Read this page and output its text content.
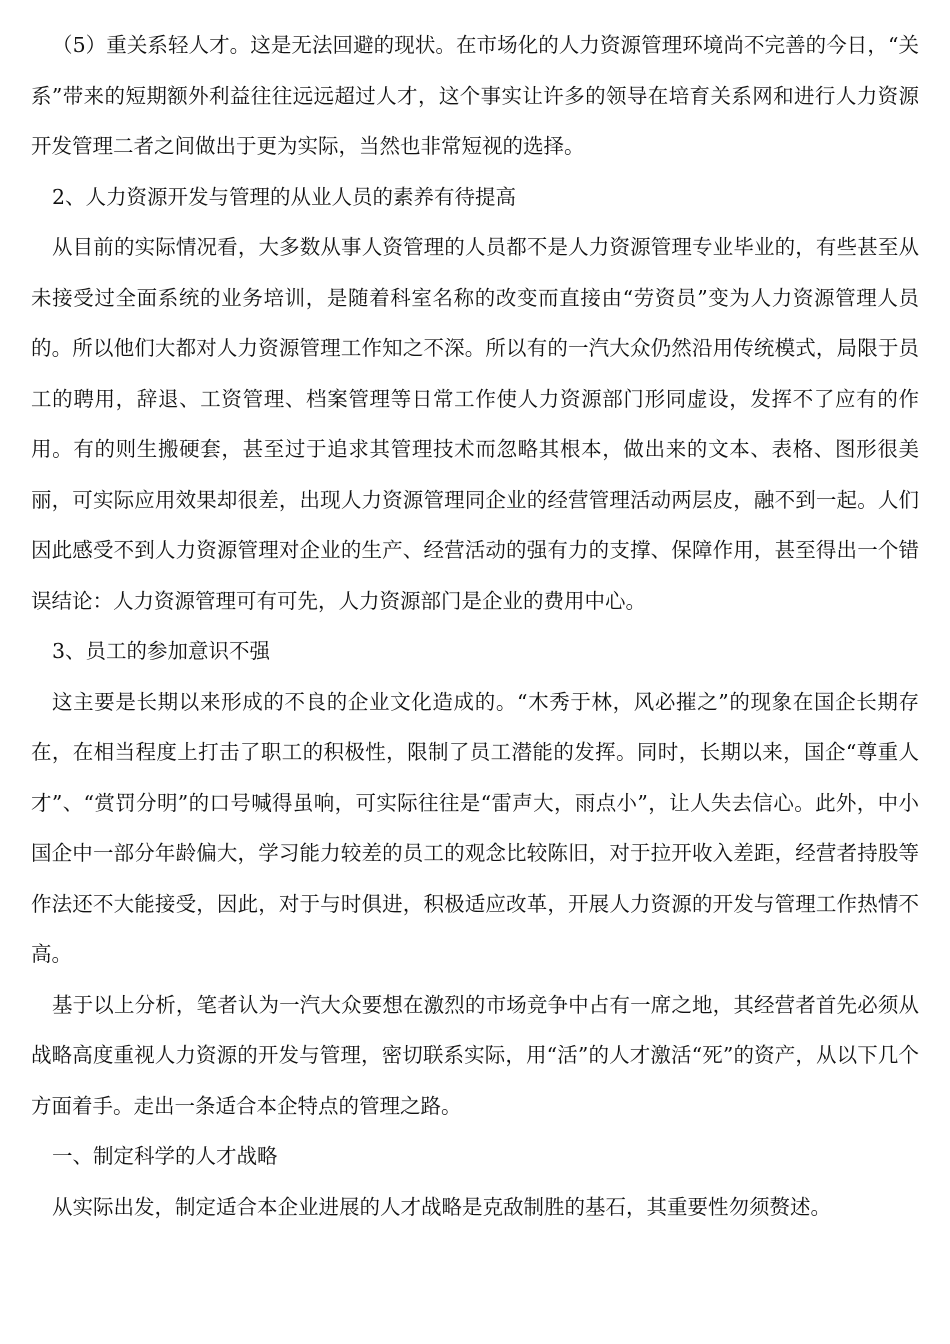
（5）重关系轻人才。这是无法回避的现状。在市场化的人力资源管理环境尚不完善的今日，“关系”带来的短期额外利益往往远远超过人才，这个事实让许多的领导在培育关系网和进行人力资源开发管理二者之间做出于更为实际，当然也非常短视的选择。

2、人力资源开发与管理的从业人员的素养有待提高

从目前的实际情况看，大多数从事人资管理的人员都不是人力资源管理专业毕业的，有些甚至从未接受过全面系统的业务培训，是随着科室名称的改变而直接由“劳资员”变为人力资源管理人员的。所以他们大都对人力资源管理工作知之不深。所以有的一汽大众仍然沿用传统模式，局限于员工的聘用，辞退、工资管理、档案管理等日常工作使人力资源部门形同虚设，发挥不了应有的作用。有的则生搬硬套，甚至过于追求其管理技术而忽略其根本，做出来的文本、表格、图形很美丽，可实际应用效果却很差，出现人力资源管理同企业的经营管理活动两层皮，融不到一起。人们因此感受不到人力资源管理对企业的生产、经营活动的强有力的支撑、保障作用，甚至得出一个错误结论：人力资源管理可有可先，人力资源部门是企业的费用中心。

3、员工的参加意识不强

这主要是长期以来形成的不良的企业文化造成的。“木秀于林，风必摧之”的现象在国企长期存在，在相当程度上打击了职工的积极性，限制了员工潜能的发挥。同时，长期以来，国企“尊重人才”、“赏罚分明”的口号喊得虽响，可实际往往是“雷声大，雨点小”，让人失去信心。此外，中小国企中一部分年龄偏大，学习能力较差的员工的观念比较陈旧，对于拉开收入差距，经营者持股等作法还不大能接受，因此，对于与时俱进，积极适应改革，开展人力资源的开发与管理工作热情不高。

基于以上分析，笔者认为一汽大众要想在激烈的市场竞争中占有一席之地，其经营者首先必须从战略高度重视人力资源的开发与管理，密切联系实际，用“活”的人才激活“死”的资产，从以下几个方面着手。走出一条适合本企特点的管理之路。

一、制定科学的人才战略

从实际出发，制定适合本企业进展的人才战略是克敌制胜的基石，其重要性勿须赘述。
